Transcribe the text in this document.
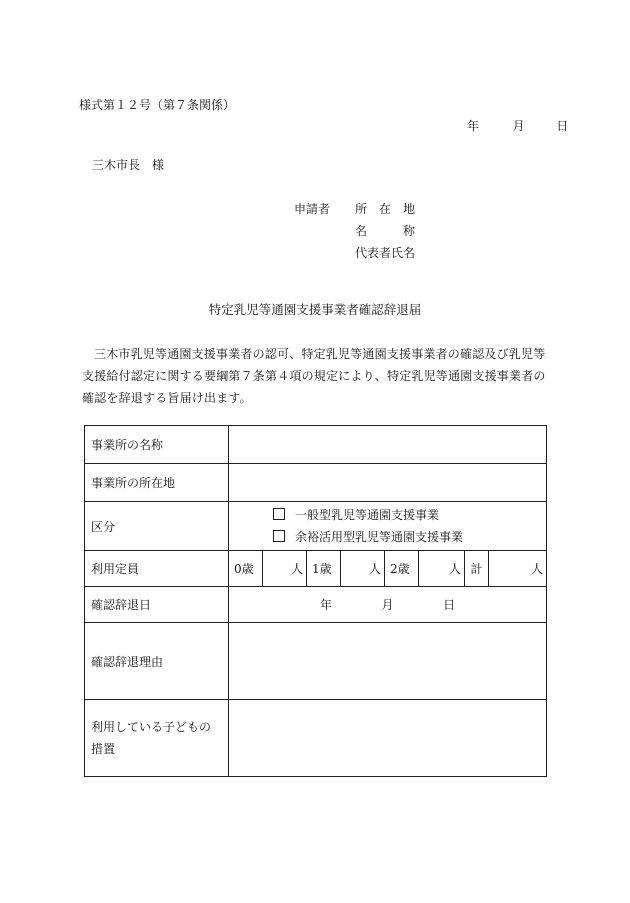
様式第１２号（第７条関係）
年	月	日
三木市長　様
申請者 所　在　地
名　　　称
代表者氏名
特定乳児等通園支援事業者確認辞退届

三木市乳児等通園支援事業者の認可、特定乳児等通園支援事業者の確認及び乳児等支援給付認定に関する要綱第７条第４項の規定により、特定乳児等通園支援事業者の確認を辞退する旨届け出ます。

事業所の名称								
事業所の所在地								
区分	一般型乳児等通園支援事業
余裕活用型乳児等通園支援事業							

利用定員	0歳	人	1歳	人	2歳	人	計	人
確認辞退日	年 月 日							
確認辞退理由								

利用している子どもの
措置								
